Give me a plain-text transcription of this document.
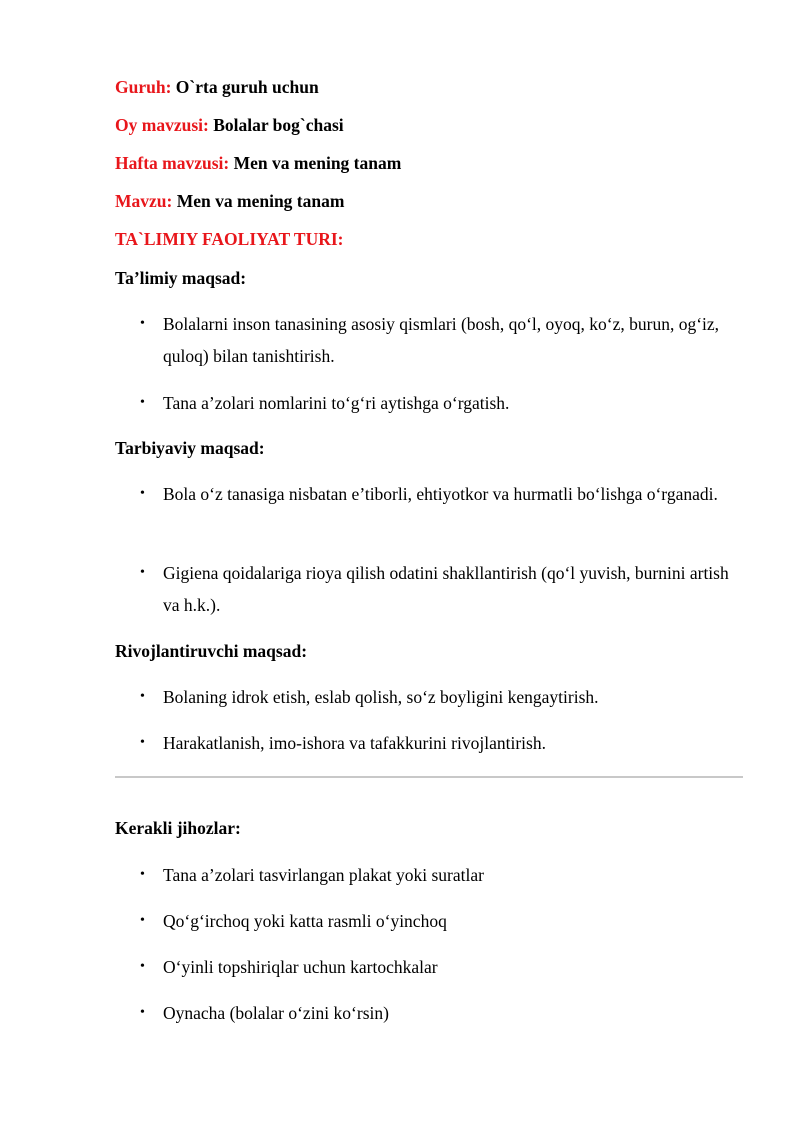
Guruh: O`rta guruh uchun
Oy mavzusi: Bolalar bog`chasi
Hafta mavzusi: Men va mening tanam
Mavzu: Men va mening tanam
TA`LIMIY FAOLIYAT TURI:
Ta’limiy maqsad:
• Bolalarni inson tanasining asosiy qismlari (bosh, qo‘l, oyoq, ko‘z, burun, og‘iz, quloq) bilan tanishtirish.
• Tana a’zolari nomlarini to‘g‘ri aytishga o‘rgatish.
Tarbiyaviy maqsad:
• Bola o‘z tanasiga nisbatan e’tiborli, ehtiyotkor va hurmatli bo‘lishga o‘rganadi.
• Gigiena qoidalariga rioya qilish odatini shakllantirish (qo‘l yuvish, burnini artish va h.k.).
Rivojlantiruvchi maqsad:
• Bolaning idrok etish, eslab qolish, so‘z boyligini kengaytirish.
• Harakatlanish, imo-ishora va tafakkurini rivojlantirish.
Kerakli jihozlar:
• Tana a’zolari tasvirlangan plakat yoki suratlar
• Qo‘g‘irchoq yoki katta rasmli o‘yinchoq
• O‘yinli topshiriqlar uchun kartochkalar
• Oynacha (bolalar o‘zini ko‘rsin)
